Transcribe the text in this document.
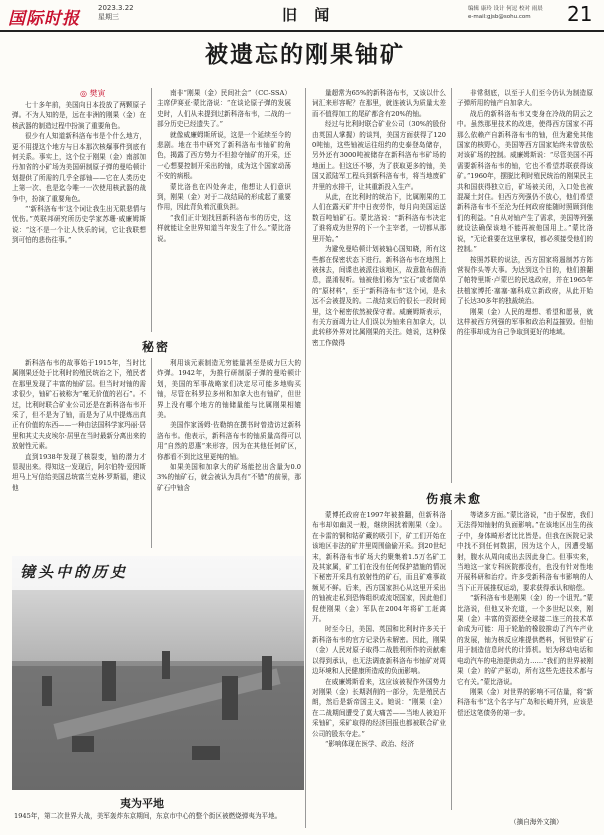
国际时报
2023.3.22
星期三	旧 闻	编辑 康玲 设计 何逗 校对 雨晨
e-mail:gjsb@sohu.com	21
被遗忘的刚果铀矿
◎ 樊寅

七十多年前，美国向日本投放了两颗原子弹。不为人知的是，远在非洲的刚果（金）在核武器的制造过程中扮演了重要角色。

很少有人知道新科洛布韦是个什么地方，更不用提这个地方与日本那次核爆事件到底有何关系。事实上，这个位于刚果（金）南部加丹加省的小矿场为美国研制原子弹的曼哈顿计划提供了所需的几乎全部铀——它在人类历史上第一次、也是迄今唯一一次使用核武器的战争中，扮演了重要角色。

“‘新科洛布韦’这个词让我生出无限悲情与忧伤。”英联邦研究所历史学家苏珊·威廉姆斯说：“这不是一个让人快乐的词，它让我联想到可怕的悲伤往事。”

南非“刚果（金）民间社会”（CC-SSA）主席伊赛亚·蒙比洛说：“在谈论原子弹的发展史时，人们从未提到过新科洛布韦，二战的一部分历史已经遗失了。”

就像威廉姆斯所说，这是一个延续至今的悲剧。地在书中研究了新科洛布韦铀矿的角色，揭露了西方势力不但掠夺铀矿的开采，还一心想要控制开采出的铀，成为这个国家动荡不安的病根。

蒙比洛也在四处奔走，他想让人们意识到，刚果（金）对于二战结局的形成起了重要作用，因此背负着沉重负担。

“我们正计划找回新科洛布韦的历史，这样就能让全世界知道当年发生了什么。”蒙比洛说。

量超常为65%的新科洛布韦，又该以什么词汇来形容呢？在那里，就连被认为质量太差而不值得加工的尾矿都含有20%的铀。

经过与比利时联合矿业公司（30%的股份由英国人掌握）的谈判，美国方面获得了1200吨铀，这些铀被运往纽约的史泰登岛储存，另外还有3000吨被储存在新科洛布韦矿场的地面上。但这还不够，为了获取更多的铀，美国又派陆军工程兵到新科洛布韦，将当地废矿井里的水排干，让其重新投入生产。

从此，在比利时的统治下，比属刚果的工人们在露天矿井中日夜劳作，每月向美国运送数百吨铀矿石。蒙比洛说：“新科洛布韦决定了谁将成为世界的下一个主宰者，一切都从那里开始。”

为避免曼哈顿计划被轴心国知晓，所有这些都在保密状态下进行。新科洛布韦在地图上被抹去，间谍也被派往该地区，故意散布假消息，混淆视听。铀被他们称为“宝石”或者简单的“原材料”，至于“新科洛布韦”这个词，是永远不会被提及的。二战结束后的很长一段时间里，这个秘密依然被保守着。威廉姆斯表示，有关方面竭力让人们误以为铀来自加拿大，以此转移外界对比属刚果的关注。她说，这种保密工作做得

非常彻底，以至于人们至今仍认为制造原子弹所用的铀产自加拿大。

战后的新科洛布韦又变身在冷战的阴云之中。虽然那里技术的改进，使得西方国家不再那么依赖产自新科洛布韦的铀，但为避免其他国家的核野心，美国等西方国家始终未曾放松对该矿场的控制。威廉姆斯说：“尽管美国不再需要新科洛布韦的铀，它也不希望苏联获得该矿。”1960年，摆脱比利时殖民统治的刚果民主共和国获得独立后，矿场被关闭，入口处也被混凝土封住。但西方列强仍不放心，他们希望新科洛布韦不至沦为任何政府能随时照顾到他们的利益。“自从对铀产生了需求，美国等列强就设法确保该地不能再被他国用上。”蒙比洛说，“无论谁要在这里掌权，都必须接受他们的控制。”

按照苏联的说法，西方国家将遏制苏方阵营视作头等大事。为达到这个目的，他们推翻了帕特里斯·卢蒙巴的民选政府，并在1965年扶植家博托·塞塞·塞科成立新政府，从此开始了长达30多年的独裁统治。

刚果（金）人民的理想、希望和愿景，就这样被西方列强的军事和政治利益摧毁。但铀的往事却成为自己争取到更好的地域。

秘密

新科洛布韦的故事始于1915年，当时比属刚果还处于比利时的殖民统治之下，殖民者在那里发现了丰富的铀矿层。但当时对铀的需求很少，铀矿石被称为“毫无价值的岩石”。不过，比利时联合矿业公司还是在新科洛布韦开采了，但不是为了铀，而是为了从中提炼出真正有价值的东西——一种由法国科学家玛丽·居里和其丈夫皮埃尔·居里在当时最新分离出来的放射性元素。

直到1938年发现了核裂变，铀的潜力才显现出来。得知这一发现后，阿尔伯特·爱因斯坦马上写信给美国总统富兰克林·罗斯福，建议他

利用该元素制造无穷能量甚至是威力巨大的炸弹。1942年，为推行研制原子弹的曼哈顿计划，美国的军事战略家们决定尽可能多地购买铀，尽管在科罗拉多州和加拿大也有铀矿，但世界上没有哪个地方的铀储量能与比属刚果相媲美。

美国作家汤姆·佐勒纳在撰书时曾造访过新科洛布韦。他表示，新科洛布韦的铀质量高得可以用“自然的恩惠”来形容，因为在其他任何矿区，你都看不到比这里更纯的铀。

如果美国和加拿大的矿场能挖出含量为0.03%的铀矿石，就会被认为具有“不错”的前景，那矿石中铀含

伤痕未愈

蒙博托政府在1997年被推翻，但新科洛布韦却如幽灵一般，继续困扰着刚果（金）。在卡雷的铜和钴矿藏的吸引下，矿工们开始在该地区非法的矿井里周围偷偷开采。到20世纪末，新科洛布韦矿场大约聚集着1.5万名矿工及其家属，矿工们在没有任何保护措施的情况下秘密开采具有放射性的矿石，而且矿难事故频见不鲜。后来，西方国家担心从这里开采出的铀被走私到恐怖组织或流氓国家，因此他们促使刚果（金）军队在2004年将矿工赶离开。

时至今日，美国、英国和比利时许多关于新科洛布韦的官方记录仍未解密。因此，刚果（金）人民对原子取得二战胜利所作的贡献难以得到承认，也无法调查新科洛布韦铀矿对周边环境和人民健康所造成的负面影响。

在威廉姆斯看来，这应该被视作外国势力对刚果（金）长期剥削的一部分，先是殖民古朗，然后是新帝国主义。她说：“刚果（金）在二战期间遭受了莫大痛苦——当地人被迫开采铀矿，采矿取得的经济回报也都被联合矿业公司的股东夺走。”

“影响体现在医学、政治、经济

等诸多方面。”蒙比洛说，“由于保密，我们无法得知铀射的负面影响。”在该地区出生的孩子中，身体畸形者比比皆是。但我在医院记录中找不到任何数据，因为这个人，因遭受辐射，腹水从周向成出去因此身亡。但事实来，当地这一家专科医院都没有，也没有针对性地开展科研和治疗。许多受新科洛布韦影响的人当下正开展推权运动，要求获得承认和赔偿。

“新科洛布韦是刚果（金）的一个诅咒。”蒙比洛说，但他又补充道，一个多世纪以来，刚果（金）丰富的资源使全球接二连三的技术革命成为可能：用于轮胎的橡胶推动了汽车产业的发展，铀为核反应堆提供燃料，钶钽铁矿石用于制造信息时代的计算机。铝为移动电话和电动汽车的电池提供动力……“我们的世界被刚果（金）的矿产驱动，所有这些先进技术都与它有关。”蒙比洛说。

刚果（金）对世界的影响不可估量，将“新科洛布韦”这个名字与广岛和长崎并列，应该是偿还这笔债务的第一步。

（摘自海外文摘）
镜头中的历史
夷为平地
1945年，第二次世界大战，美军轰炸东京期间，东京市中心的整个街区被燃烧弹夷为平地。
